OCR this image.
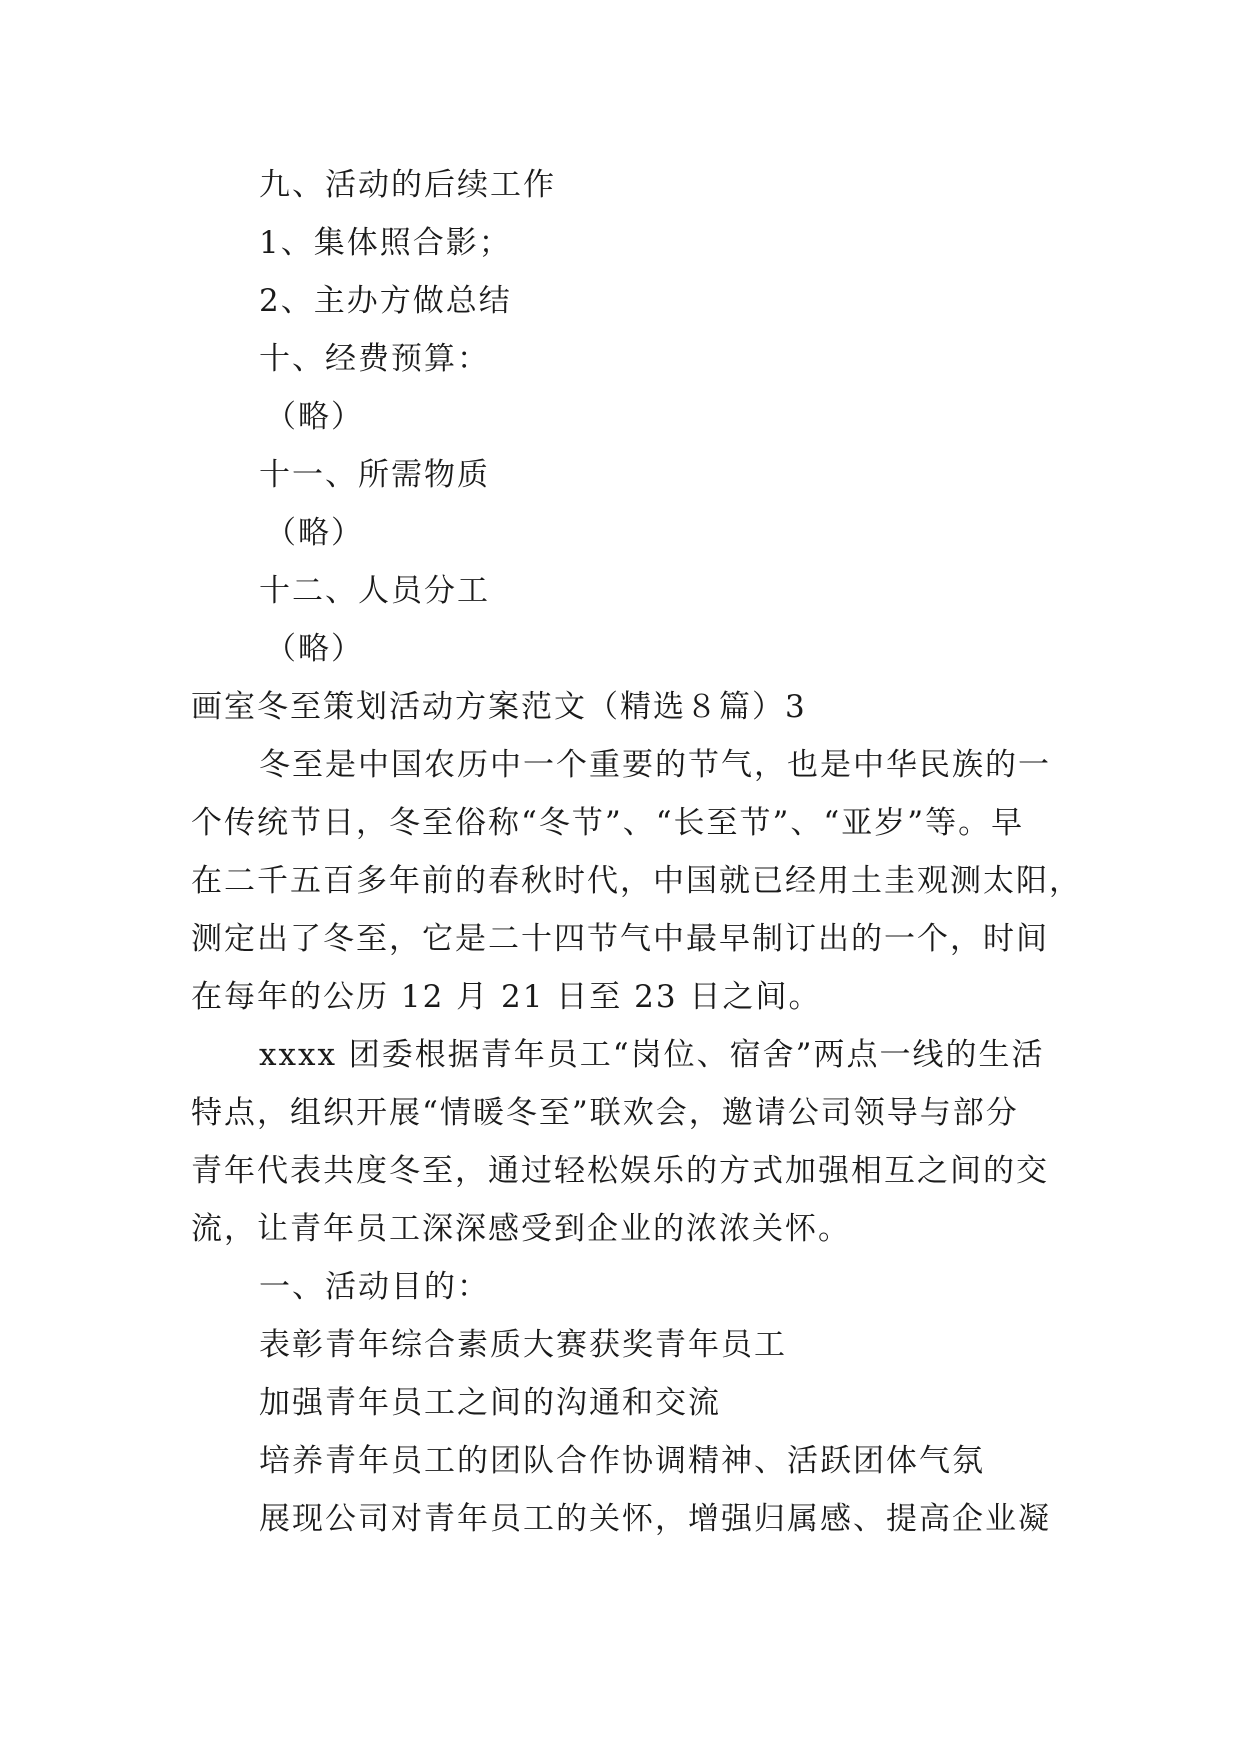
九、活动的后续工作
1、集体照合影；
2、主办方做总结
十、经费预算：
（略）
十一、所需物质
（略）
十二、人员分工
（略）
画室冬至策划活动方案范文（精选８篇）3
冬至是中国农历中一个重要的节气，也是中华民族的一
个传统节日，冬至俗称“冬节”、“长至节”、“亚岁”等。早
在二千五百多年前的春秋时代，中国就已经用土圭观测太阳，
测定出了冬至，它是二十四节气中最早制订出的一个，时间
在每年的公历 12 月 21 日至 23 日之间。
xxxx 团委根据青年员工“岗位、宿舍”两点一线的生活
特点，组织开展“情暖冬至”联欢会，邀请公司领导与部分
青年代表共度冬至，通过轻松娱乐的方式加强相互之间的交
流，让青年员工深深感受到企业的浓浓关怀。
一、活动目的：
表彰青年综合素质大赛获奖青年员工
加强青年员工之间的沟通和交流
培养青年员工的团队合作协调精神、活跃团体气氛
展现公司对青年员工的关怀，增强归属感、提高企业凝
